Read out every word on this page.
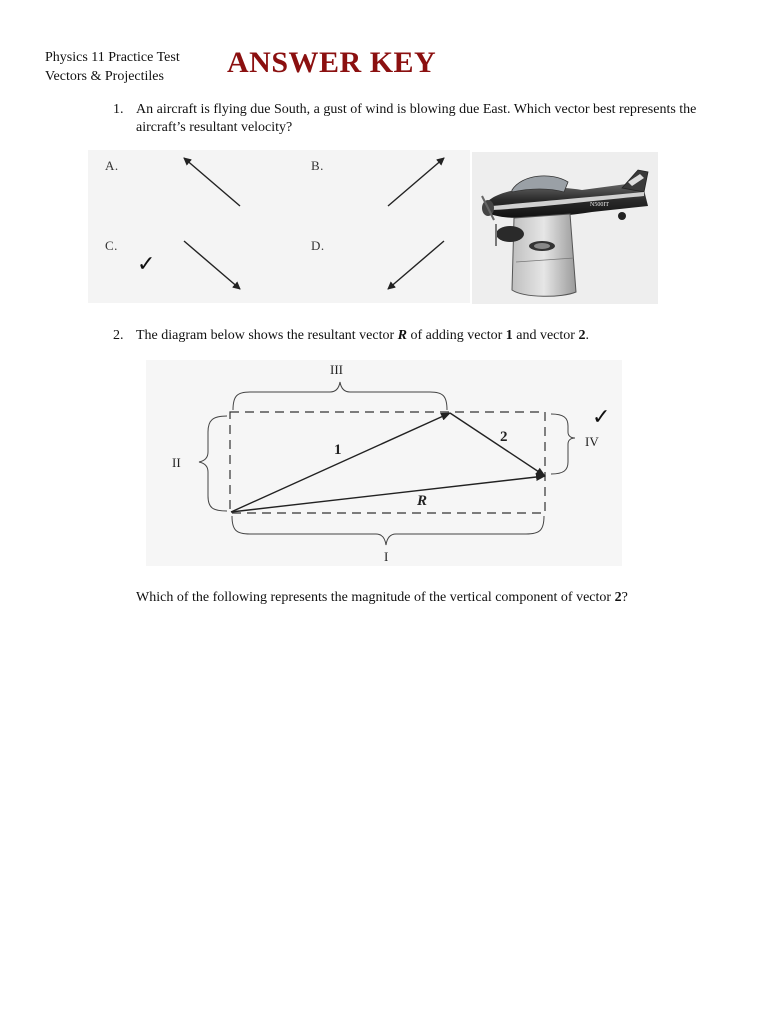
Physics 11 Practice Test
Vectors & Projectiles	ANSWER KEY
1. An aircraft is flying due South, a gust of wind is blowing due East. Which vector best represents the aircraft’s resultant velocity?
A.	B.
C.	D.
✓
N500IT
2. The diagram below shows the resultant vector R of adding vector 1 and vector 2.
III
II
IV
I
1
2
R
✓
Which of the following represents the magnitude of the vertical component of vector 2?
